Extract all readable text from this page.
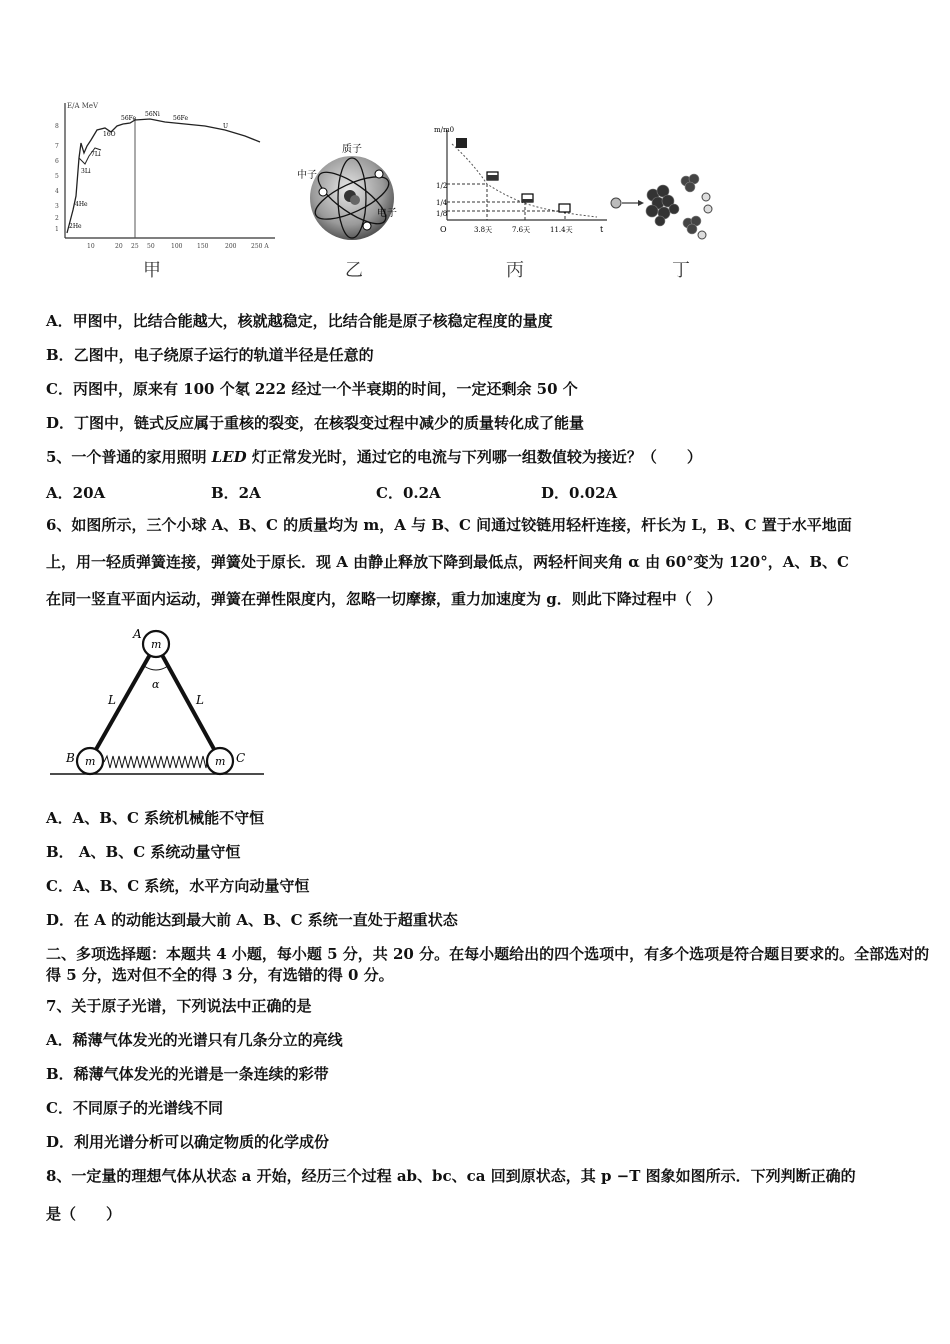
E/A MeV
8
7
6
5
4
3
2
1 2He
4He
3Li
7Li
16O
56Fe
56Ni
56Fe
U
10	20 25 50	100 150	200 250 A
甲
质子
中子
电子
乙
m/m0
1/2
1/4
1/8
O	3.8天	7.6天	11.4天	t
丙	丁
A．甲图中，比结合能越大，核就越稳定，比结合能是原子核稳定程度的量度
B．乙图中，电子绕原子运行的轨道半径是任意的
C．丙图中，原来有 100 个氡 222 经过一个半衰期的时间，一定还剩余 50 个
D．丁图中，链式反应属于重核的裂变，在核裂变过程中减少的质量转化成了能量
5、一个普通的家用照明 LED 灯正常发光时，通过它的电流与下列哪一组数值较为接近？（　　）
A．20A	B．2A	C．0.2A	D．0.02A
6、如图所示，三个小球 A、B、C 的质量均为 m，A 与 B、C 间通过铰链用轻杆连接，杆长为 L，B、C 置于水平地面
上，用一轻质弹簧连接，弹簧处于原长．现 A 由静止释放下降到最低点，两轻杆间夹角 α 由 60°变为 120°，A、B、C
在同一竖直平面内运动，弹簧在弹性限度内，忽略一切摩擦，重力加速度为 g．则此下降过程中（　）
m
m	m
A
B	C
L	L
α
A．A、B、C 系统机械能不守恒
B． A、B、C 系统动量守恒
C．A、B、C 系统，水平方向动量守恒
D．在 A 的动能达到最大前 A、B、C 系统一直处于超重状态
二、多项选择题：本题共 4 小题，每小题 5 分，共 20 分。在每小题给出的四个选项中，有多个选项是符合题目要求的。全部选对的得 5 分，选对但不全的得 3 分，有选错的得 0 分。
7、关于原子光谱，下列说法中正确的是
A．稀薄气体发光的光谱只有几条分立的亮线
B．稀薄气体发光的光谱是一条连续的彩带
C．不同原子的光谱线不同
D．利用光谱分析可以确定物质的化学成份
8、一定量的理想气体从状态 a 开始，经历三个过程 ab、bc、ca 回到原状态，其 p −T 图象如图所示．下列判断正确的
是（　　）
